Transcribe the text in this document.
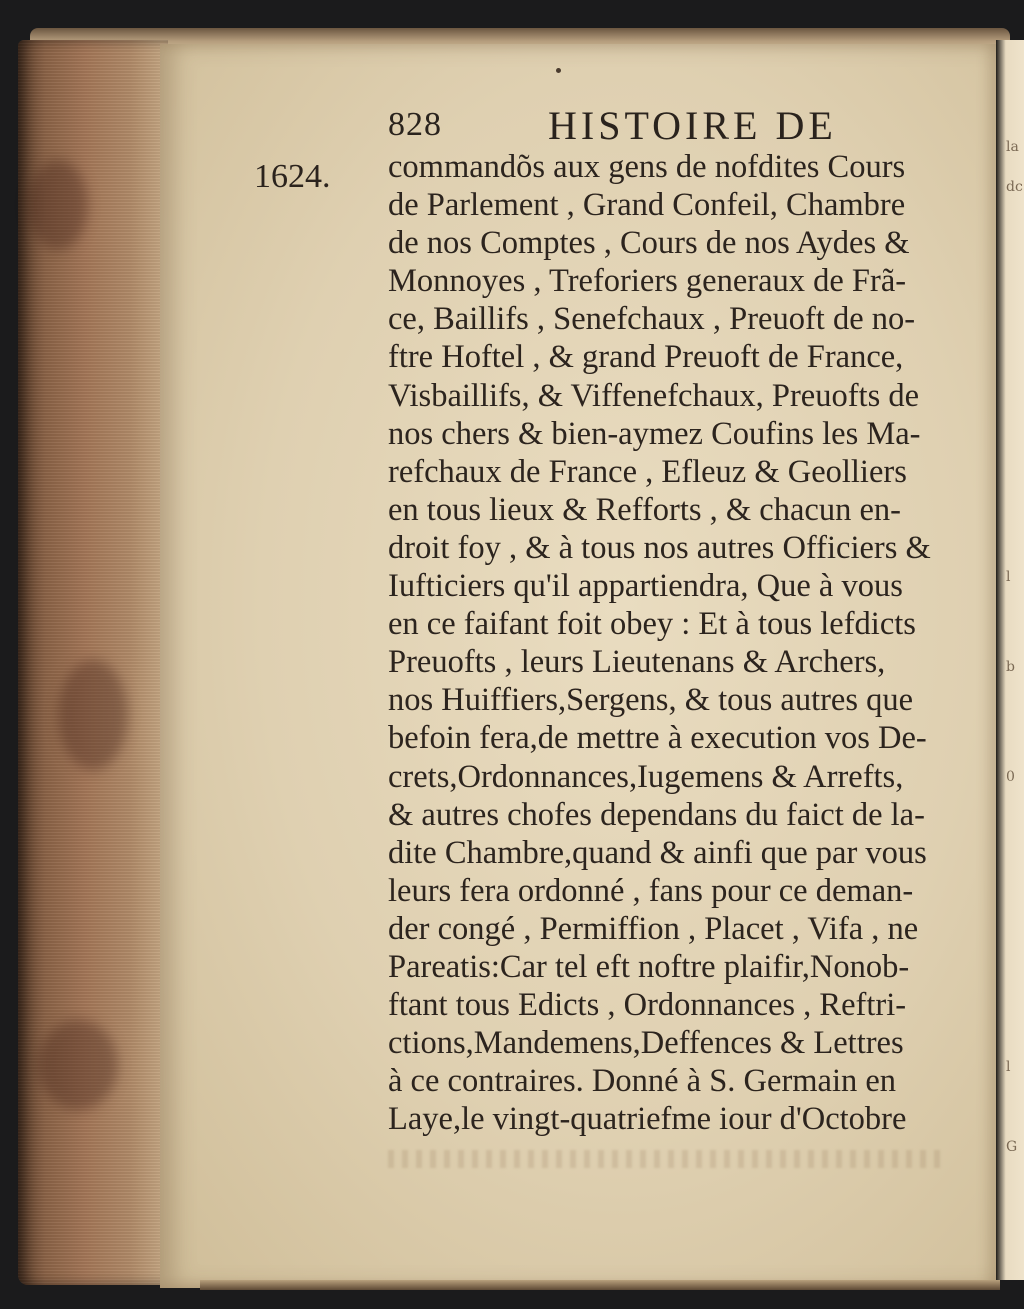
la
dc
l
b
0
l
G
828	HISTOIRE DE
1624. commandõs aux gens de nofdites Cours
de Parlement , Grand Confeil, Chambre
de nos Comptes , Cours de nos Aydes &
Monnoyes , Treforiers generaux de Frã-
ce, Baillifs , Senefchaux , Preuoft de no-
ftre Hoftel , & grand Preuoft de France,
Visbaillifs, & Viffenefchaux, Preuofts de
nos chers & bien-aymez Coufins les Ma-
refchaux de France , Efleuz & Geolliers
en tous lieux & Refforts , & chacun en-
droit foy , & à tous nos autres Officiers &
Iufticiers qu'il appartiendra, Que à vous
en ce faifant foit obey : Et à tous lefdicts
Preuofts , leurs Lieutenans & Archers,
nos Huiffiers,Sergens, & tous autres que
befoin fera,de mettre à execution vos De-
crets,Ordonnances,Iugemens & Arrefts,
& autres chofes dependans du faict de la-
dite Chambre,quand & ainfi que par vous
leurs fera ordonné , fans pour ce deman-
der congé , Permiffion , Placet , Vifa , ne
Pareatis:Car tel eft noftre plaifir,Nonob-
ftant tous Edicts , Ordonnances , Reftri-
ctions,Mandemens,Deffences & Lettres
à ce contraires. Donné à S. Germain en
Laye,le vingt-quatriefme iour d'Octobre
